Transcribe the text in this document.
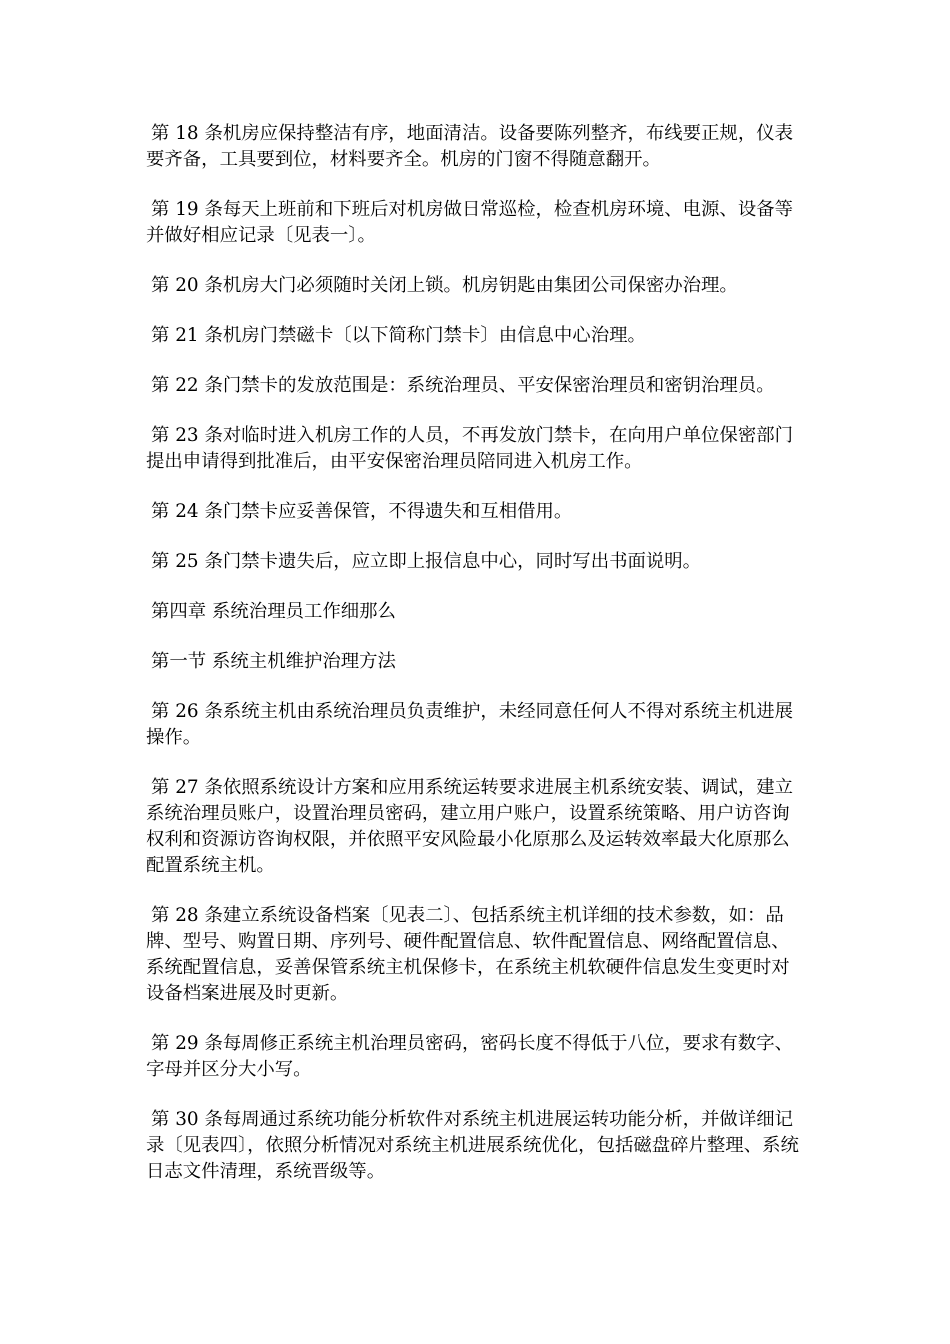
第 18 条机房应保持整洁有序，地面清洁。设备要陈列整齐，布线要正规，仪表要齐备，工具要到位，材料要齐全。机房的门窗不得随意翻开。

第 19 条每天上班前和下班后对机房做日常巡检，检查机房环境、电源、设备等并做好相应记录〔见表一〕。

第 20 条机房大门必须随时关闭上锁。机房钥匙由集团公司保密办治理。

第 21 条机房门禁磁卡〔以下简称门禁卡〕由信息中心治理。

第 22 条门禁卡的发放范围是：系统治理员、平安保密治理员和密钥治理员。

第 23 条对临时进入机房工作的人员，不再发放门禁卡，在向用户单位保密部门提出申请得到批准后，由平安保密治理员陪同进入机房工作。

第 24 条门禁卡应妥善保管，不得遗失和互相借用。

第 25 条门禁卡遗失后，应立即上报信息中心，同时写出书面说明。

第四章 系统治理员工作细那么

第一节 系统主机维护治理方法

第 26 条系统主机由系统治理员负责维护，未经同意任何人不得对系统主机进展操作。

第 27 条依照系统设计方案和应用系统运转要求进展主机系统安装、调试，建立系统治理员账户，设置治理员密码，建立用户账户，设置系统策略、用户访咨询权利和资源访咨询权限，并依照平安风险最小化原那么及运转效率最大化原那么配置系统主机。

第 28 条建立系统设备档案〔见表二〕、包括系统主机详细的技术参数，如：品牌、型号、购置日期、序列号、硬件配置信息、软件配置信息、网络配置信息、系统配置信息，妥善保管系统主机保修卡，在系统主机软硬件信息发生变更时对设备档案进展及时更新。

第 29 条每周修正系统主机治理员密码，密码长度不得低于八位，要求有数字、字母并区分大小写。

第 30 条每周通过系统功能分析软件对系统主机进展运转功能分析，并做详细记录〔见表四〕，依照分析情况对系统主机进展系统优化，包括磁盘碎片整理、系统日志文件清理，系统晋级等。
